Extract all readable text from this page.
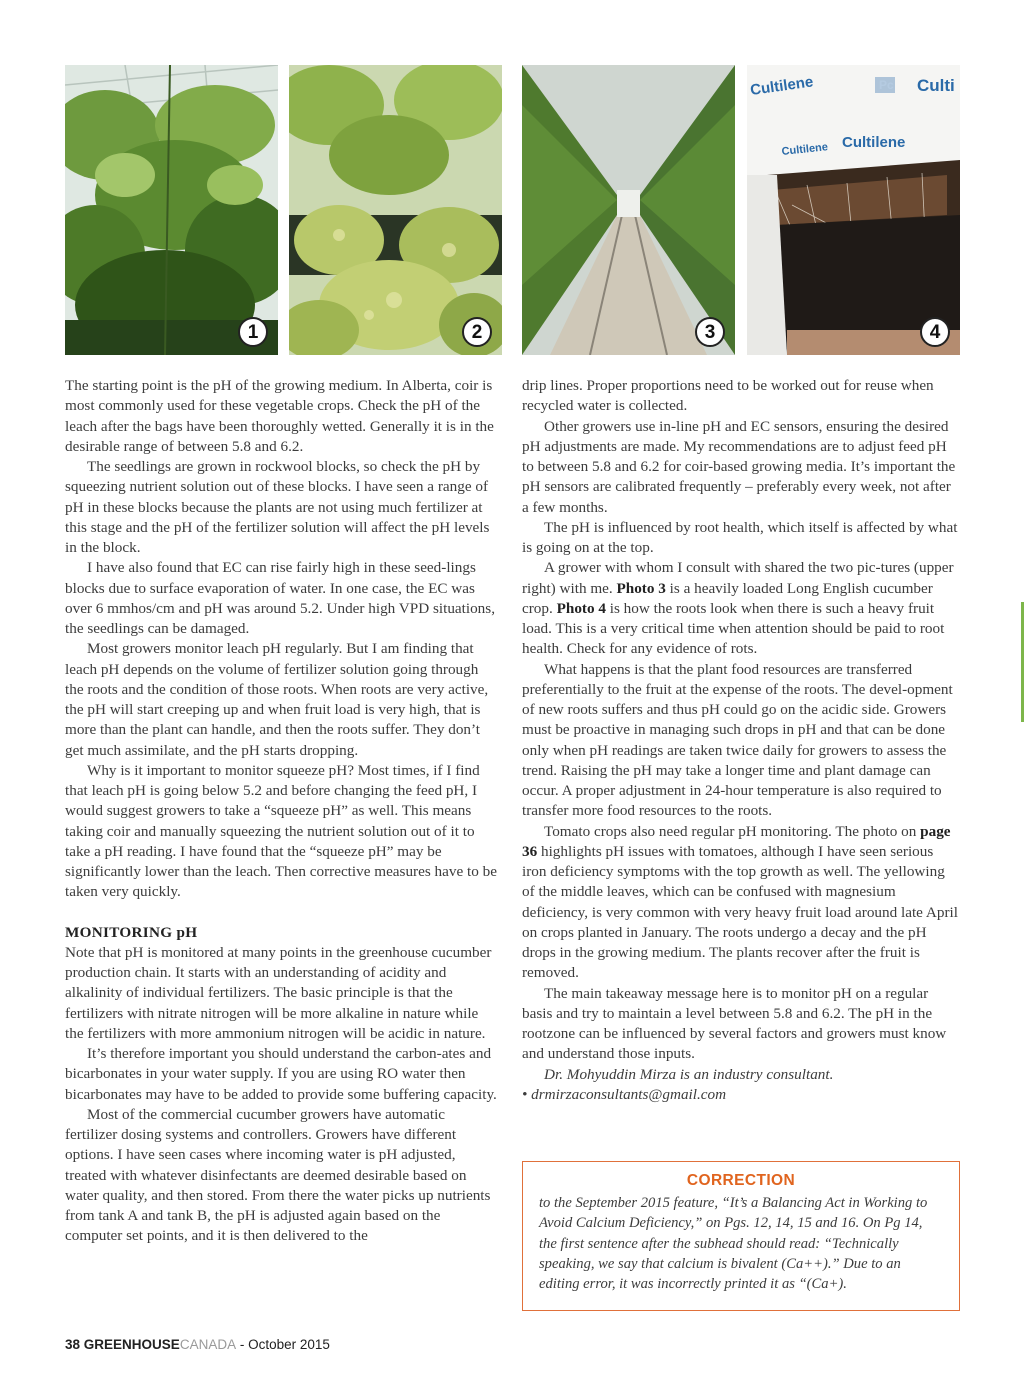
1	2	3
Cultilene	Pc Culti
Cultilene
Cultilene
4

The starting point is the pH of the growing medium. In Alberta, coir is most commonly used for these vegetable crops. Check the pH of the leach after the bags have been thoroughly wetted. Generally it is in the desirable range of between 5.8 and 6.2.

The seedlings are grown in rockwool blocks, so check the pH by squeezing nutrient solution out of these blocks. I have seen a range of pH in these blocks because the plants are not using much fertilizer at this stage and the pH of the fertilizer solution will affect the pH levels in the block.

I have also found that EC can rise fairly high in these seed-lings blocks due to surface evaporation of water. In one case, the EC was over 6 mmhos/cm and pH was around 5.2. Under high VPD situations, the seedlings can be damaged.

Most growers monitor leach pH regularly. But I am finding that leach pH depends on the volume of fertilizer solution going through the roots and the condition of those roots. When roots are very active, the pH will start creeping up and when fruit load is very high, that is more than the plant can handle, and then the roots suffer. They don’t get much assimilate, and the pH starts dropping.

Why is it important to monitor squeeze pH? Most times, if I find that leach pH is going below 5.2 and before changing the feed pH, I would suggest growers to take a “squeeze pH” as well. This means taking coir and manually squeezing the nutrient solution out of it to take a pH reading. I have found that the “squeeze pH” may be significantly lower than the leach. Then corrective measures have to be taken very quickly.

MONITORING pH

Note that pH is monitored at many points in the greenhouse cucumber production chain. It starts with an understanding of acidity and alkalinity of individual fertilizers. The basic principle is that the fertilizers with nitrate nitrogen will be more alkaline in nature while the fertilizers with more ammonium nitrogen will be acidic in nature.

It’s therefore important you should understand the carbon-ates and bicarbonates in your water supply. If you are using RO water then bicarbonates may have to be added to provide some buffering capacity.

Most of the commercial cucumber growers have automatic fertilizer dosing systems and controllers. Growers have different options. I have seen cases where incoming water is pH adjusted, treated with whatever disinfectants are deemed desirable based on water quality, and then stored. From there the water picks up nutrients from tank A and tank B, the pH is adjusted again based on the computer set points, and it is then delivered to the

drip lines. Proper proportions need to be worked out for reuse when recycled water is collected.

Other growers use in-line pH and EC sensors, ensuring the desired pH adjustments are made. My recommendations are to adjust feed pH to between 5.8 and 6.2 for coir-based growing media. It’s important the pH sensors are calibrated frequently – preferably every week, not after a few months.

The pH is influenced by root health, which itself is affected by what is going on at the top.

A grower with whom I consult with shared the two pic-tures (upper right) with me. Photo 3 is a heavily loaded Long English cucumber crop. Photo 4 is how the roots look when there is such a heavy fruit load. This is a very critical time when attention should be paid to root health. Check for any evidence of rots.

What happens is that the plant food resources are transferred preferentially to the fruit at the expense of the roots. The devel-opment of new roots suffers and thus pH could go on the acidic side. Growers must be proactive in managing such drops in pH and that can be done only when pH readings are taken twice daily for growers to assess the trend. Raising the pH may take a longer time and plant damage can occur. A proper adjustment in 24-hour temperature is also required to transfer more food resources to the roots.

Tomato crops also need regular pH monitoring. The photo on page 36 highlights pH issues with tomatoes, although I have seen serious iron deficiency symptoms with the top growth as well. The yellowing of the middle leaves, which can be confused with magnesium deficiency, is very common with very heavy fruit load around late April on crops planted in January. The roots undergo a decay and the pH drops in the growing medium. The plants recover after the fruit is removed.

The main takeaway message here is to monitor pH on a regular basis and try to maintain a level between 5.8 and 6.2. The pH in the rootzone can be influenced by several factors and growers must know and understand those inputs.

Dr. Mohyuddin Mirza is an industry consultant.

• drmirzaconsultants@gmail.com

CORRECTION

to the September 2015 feature, “It’s a Balancing Act in Working to Avoid Calcium Deficiency,” on Pgs. 12, 14, 15 and 16. On Pg 14, the first sentence after the subhead should read: “Technically speaking, we say that calcium is bivalent (Ca++).” Due to an editing error, it was incorrectly printed it as “(Ca+).

38 GREENHOUSECANADA - October 2015
